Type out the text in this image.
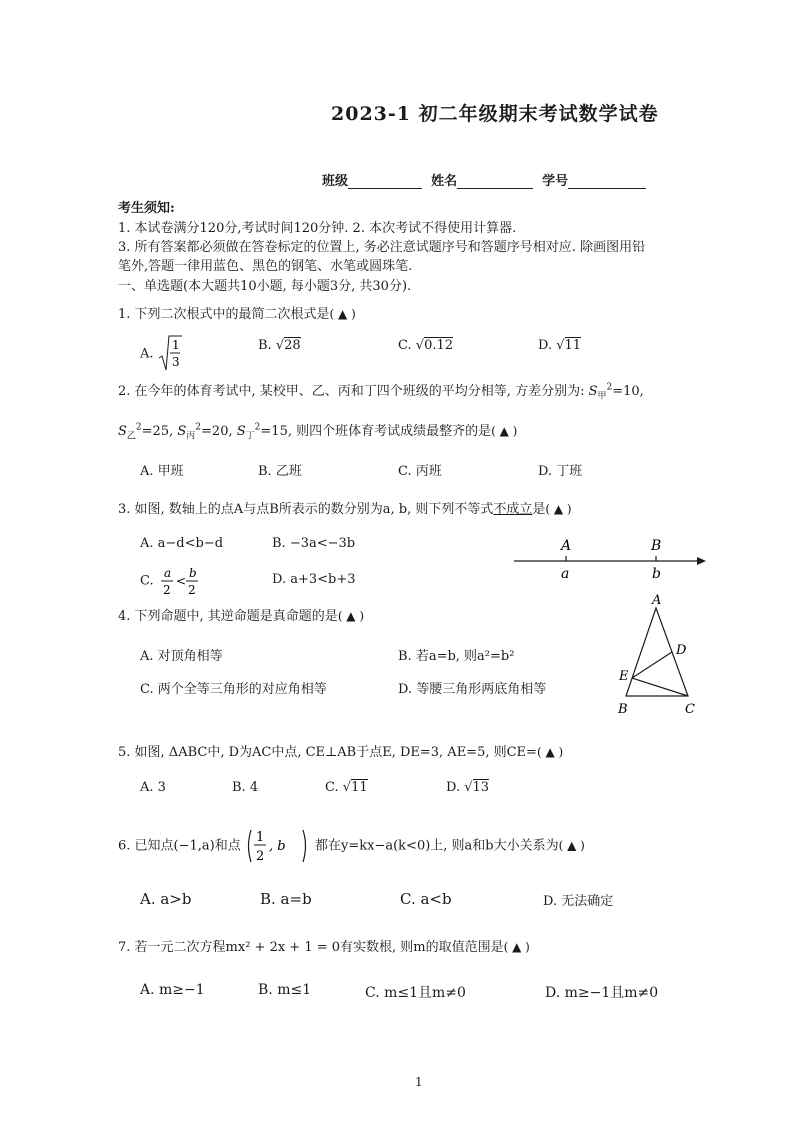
2023-1 初二年级期末考试数学试卷
班级	姓名	学号
考生须知:
1. 本试卷满分120分,考试时间120分钟. 2. 本次考试不得使用计算器.
3. 所有答案都必须做在答卷标定的位置上, 务必注意试题序号和答题序号相对应. 除画图用铅
笔外,答题一律用蓝色、黑色的钢笔、水笔或圆珠笔.
一、单选题(本大题共10小题, 每小题3分, 共30分).
1. 下列二次根式中的最简二次根式是( ▲ )
A.
1
3
B. √28	C. √0.12	D. √11
2. 在今年的体育考试中, 某校甲、乙、丙和丁四个班级的平均分相等, 方差分别为: $S_甲^2=10$,
$S_乙^2=25$, $S_丙^2=20$, $S_丁^2=15$, 则四个班体育考试成绩最整齐的是( ▲ )
A. 甲班	B. 乙班	C. 丙班	D. 丁班
3. 如图, 数轴上的点A与点B所表示的数分别为a, b, 则下列不等式不成立是( ▲ )
A. a−d<b−d	B. −3a<−3b
C.
a
2
<
b
2
D. a+3<b+3
A	B
a	b
4. 下列命题中, 其逆命题是真命题的是( ▲ )
A. 对顶角相等	B. 若a=b, 则a²=b²
C. 两个全等三角形的对应角相等	D. 等腰三角形两底角相等
A
B	C
D
E
5. 如图, ΔABC中, D为AC中点, CE⊥AB于点E, DE=3, AE=5, 则CE=( ▲ )
A. 3	B. 4	C. √11	D. √13
6. 已知点(−1,a)和点
1
2
, b 都在y=kx−a(k<0)上, 则a和b大小关系为( ▲ )
A. a>b	B. a=b	C. a<b	D. 无法确定
7. 若一元二次方程mx² + 2x + 1 = 0有实数根, 则m的取值范围是( ▲ )
A. m≥−1	B. m≤1	C. m≤1且m≠0	D. m≥−1且m≠0
1
